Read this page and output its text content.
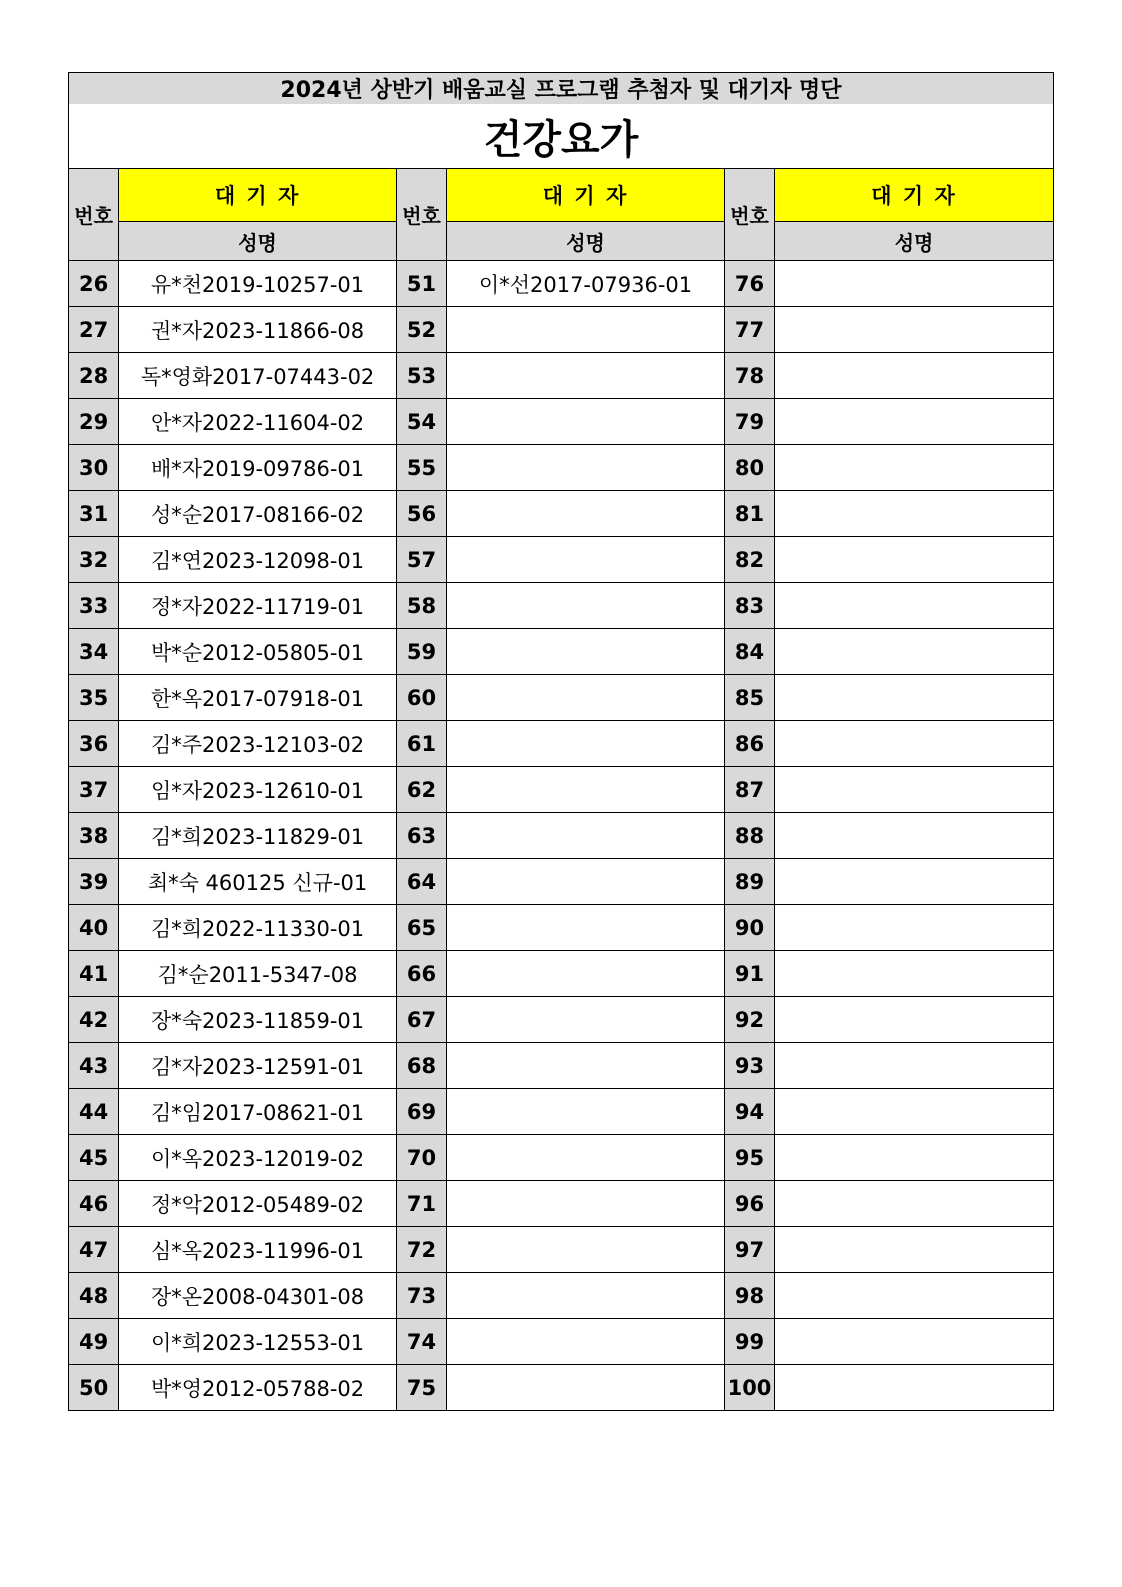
2024년 상반기 배움교실 프로그램 추첨자 및 대기자 명단					
건강요가					
번호	대 기 자	번호	대 기 자	번호	대 기 자
	성명		성명		성명
26	유*천2019-10257-01	51	이*선2017-07936-01	76	
27	권*자2023-11866-08	52		77	
28	독*영화2017-07443-02	53		78	
29	안*자2022-11604-02	54		79	
30	배*자2019-09786-01	55		80	
31	성*순2017-08166-02	56		81	
32	김*연2023-12098-01	57		82	
33	정*자2022-11719-01	58		83	
34	박*순2012-05805-01	59		84	
35	한*옥2017-07918-01	60		85	
36	김*주2023-12103-02	61		86	
37	임*자2023-12610-01	62		87	
38	김*희2023-11829-01	63		88	
39	최*숙 460125 신규-01	64		89	
40	김*희2022-11330-01	65		90	
41	김*순2011-5347-08	66		91	
42	장*숙2023-11859-01	67		92	
43	김*자2023-12591-01	68		93	
44	김*임2017-08621-01	69		94	
45	이*옥2023-12019-02	70		95	
46	정*악2012-05489-02	71		96	
47	심*옥2023-11996-01	72		97	
48	장*온2008-04301-08	73		98	
49	이*희2023-12553-01	74		99	
50	박*영2012-05788-02	75		100	
